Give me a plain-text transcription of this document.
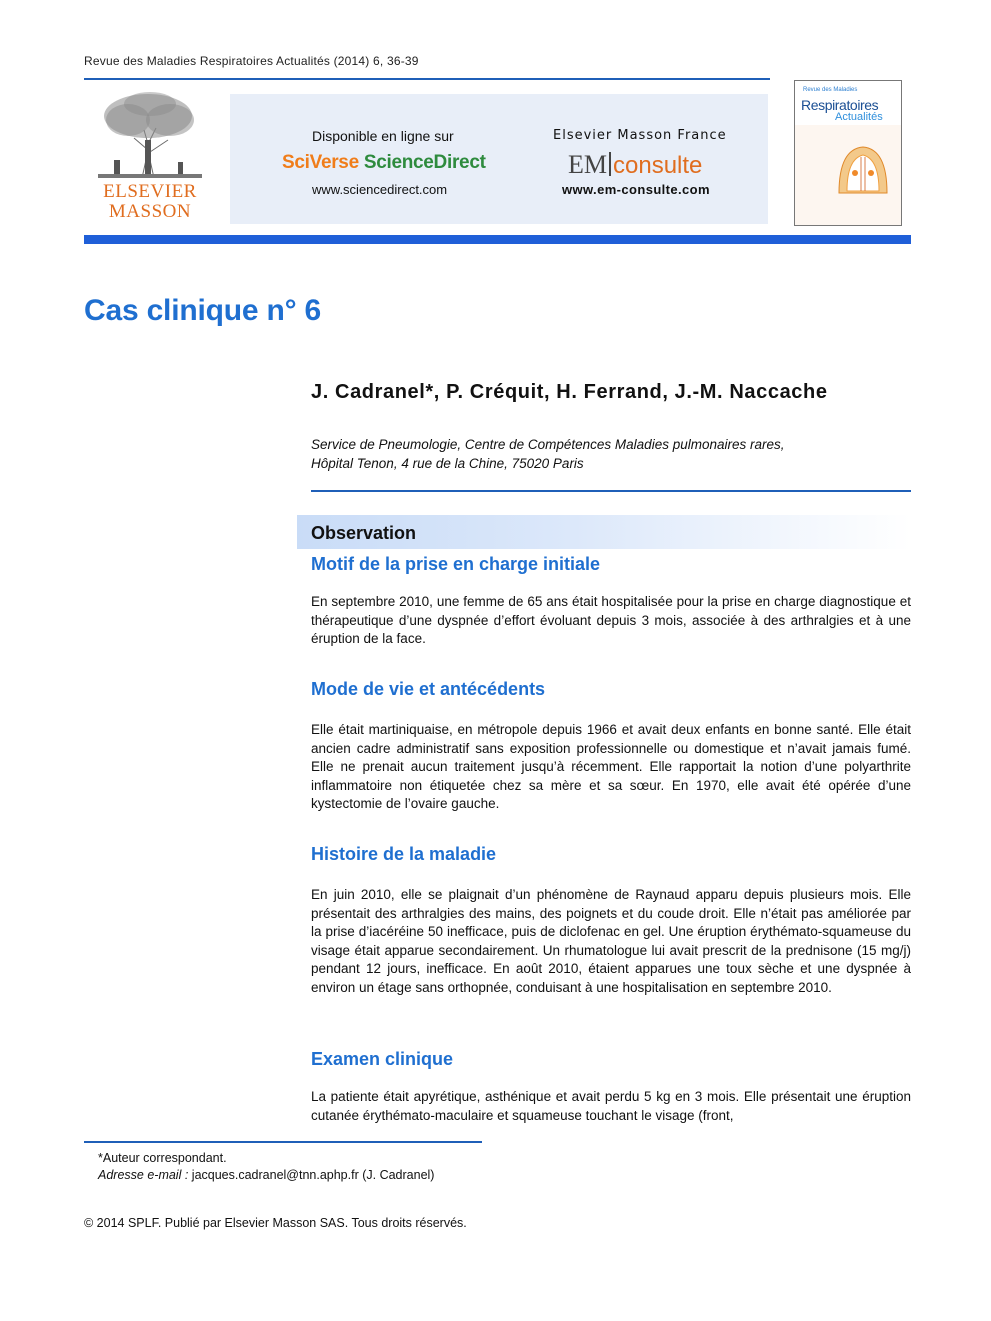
Revue des Maladies Respiratoires Actualités (2014) 6, 36-39
ELSEVIER
MASSON
Disponible en ligne sur
SciVerse ScienceDirect
www.sciencedirect.com
Elsevier Masson France
EM consulte
www.em-consulte.com
Revue des Maladies
Respiratoires
Actualités
Cas clinique n° 6
J. Cadranel*, P. Créquit, H. Ferrand, J.-M. Naccache
Service de Pneumologie, Centre de Compétences Maladies pulmonaires rares,
Hôpital Tenon, 4 rue de la Chine, 75020 Paris
Observation
Motif de la prise en charge initiale
En septembre 2010, une femme de 65 ans était hospitalisée pour la prise en charge diagnostique et thérapeutique d’une dyspnée d’effort évoluant depuis 3 mois, associée à des arthralgies et à une éruption de la face.
Mode de vie et antécédents
Elle était martiniquaise, en métropole depuis 1966 et avait deux enfants en bonne santé. Elle était ancien cadre administratif sans exposition professionnelle ou domestique et n’avait jamais fumé. Elle ne prenait aucun traitement jusqu’à récemment. Elle rapportait la notion d’une polyarthrite inflammatoire non étiquetée chez sa mère et sa sœur. En 1970, elle avait été opérée d’une kystectomie de l’ovaire gauche.
Histoire de la maladie
En juin 2010, elle se plaignait d’un phénomène de Raynaud apparu depuis plusieurs mois. Elle présentait des arthralgies des mains, des poignets et du coude droit. Elle n’était pas améliorée par la prise d’iacéréine 50 inefficace, puis de diclofenac en gel. Une éruption érythémato-squameuse du visage était apparue secondairement. Un rhumatologue lui avait prescrit de la prednisone (15 mg/j) pendant 12 jours, inefficace. En août 2010, étaient apparues une toux sèche et une dyspnée à environ un étage sans orthopnée, conduisant à une hospitalisation en septembre 2010.
Examen clinique
La patiente était apyrétique, asthénique et avait perdu 5 kg en 3 mois. Elle présentait une éruption cutanée érythémato-maculaire et squameuse touchant le visage (front,
*Auteur correspondant.
Adresse e-mail : jacques.cadranel@tnn.aphp.fr (J. Cadranel)
© 2014 SPLF. Publié par Elsevier Masson SAS. Tous droits réservés.
